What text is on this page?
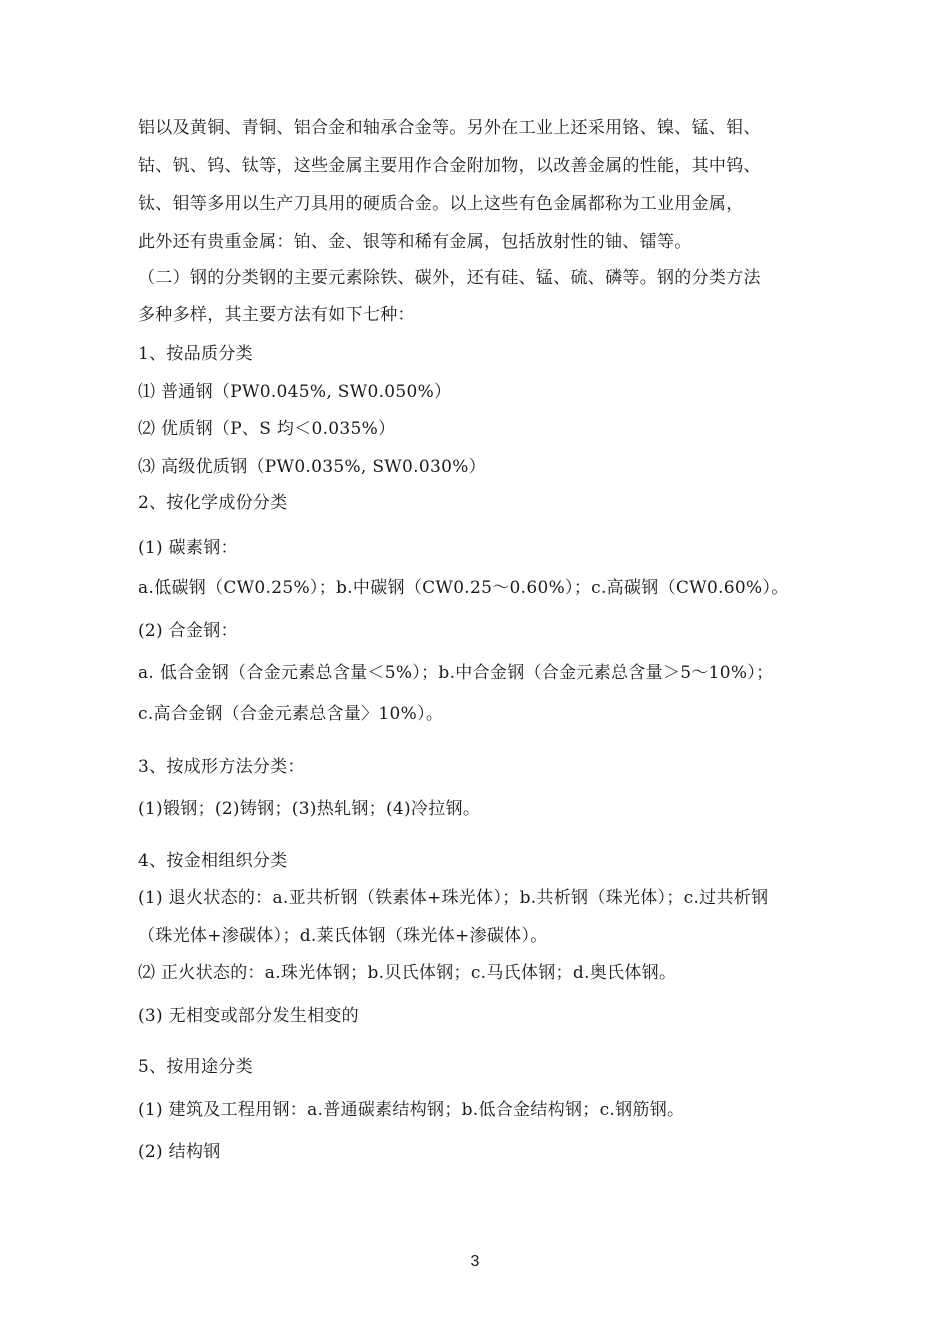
铝以及黄铜、青铜、铝合金和轴承合金等。另外在工业上还采用铬、镍、锰、钼、
钴、钒、钨、钛等，这些金属主要用作合金附加物，以改善金属的性能，其中钨、
钛、钼等多用以生产刀具用的硬质合金。以上这些有色金属都称为工业用金属，
此外还有贵重金属：铂、金、银等和稀有金属，包括放射性的铀、镭等。
（二）钢的分类钢的主要元素除铁、碳外，还有硅、锰、硫、磷等。钢的分类方法
多种多样，其主要方法有如下七种：
1、按品质分类
⑴ 普通钢（PW0.045%, SW0.050%）
⑵ 优质钢（P、S 均＜0.035%）
⑶ 高级优质钢（PW0.035%, SW0.030%）
2、按化学成份分类
(1) 碳素钢：
a.低碳钢（CW0.25%）；b.中碳钢（CW0.25〜0.60%）；c.高碳钢（CW0.60%）。
(2) 合金钢：
a. 低合金钢（合金元素总含量＜5%）；b.中合金钢（合金元素总含量＞5〜10%）；
c.高合金钢（合金元素总含量〉10%）。
3、按成形方法分类：
(1)锻钢；(2)铸钢；(3)热轧钢；(4)冷拉钢。
4、按金相组织分类
(1) 退火状态的：a.亚共析钢（铁素体+珠光体）；b.共析钢（珠光体）；c.过共析钢
（珠光体+渗碳体）；d.莱氏体钢（珠光体+渗碳体）。
⑵ 正火状态的：a.珠光体钢；b.贝氏体钢；c.马氏体钢；d.奥氏体钢。
(3) 无相变或部分发生相变的
5、按用途分类
(1) 建筑及工程用钢：a.普通碳素结构钢；b.低合金结构钢；c.钢筋钢。
(2) 结构钢
3
